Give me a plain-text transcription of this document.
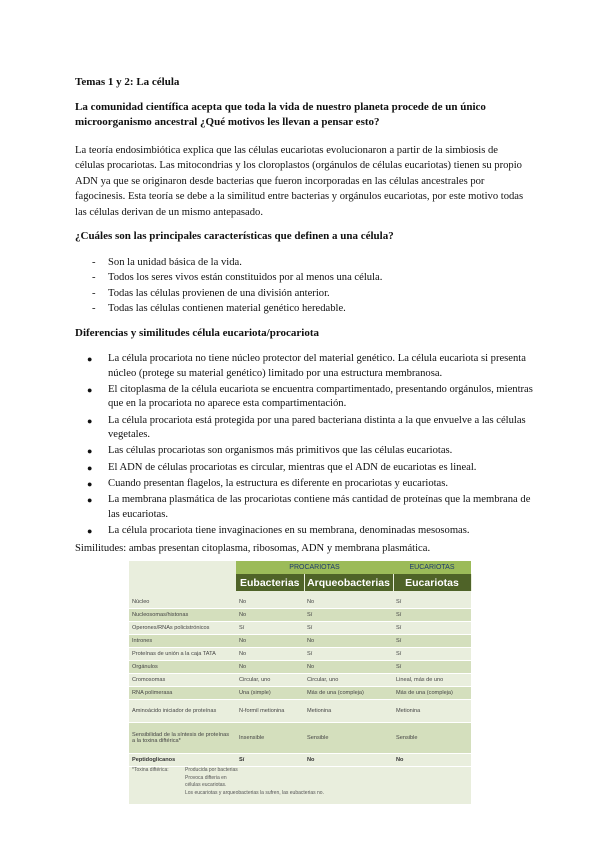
Temas 1 y 2: La célula
La comunidad científica acepta que toda la vida de nuestro planeta procede de un único microorganismo ancestral ¿Qué motivos les llevan a pensar esto?
La teoría endosimbiótica explica que las células eucariotas evolucionaron a partir de la simbiosis de células procariotas. Las mitocondrias y los cloroplastos (orgánulos de células eucariotas) tienen su propio ADN ya que se originaron desde bacterias que fueron incorporadas en las células ancestrales por fagocinesis. Esta teoría se debe a la similitud entre bacterias y orgánulos eucariotas, por este motivo todas las células derivan de un mismo antepasado.
¿Cuáles son las principales características que definen a una célula?
- Son la unidad básica de la vida.
- Todos los seres vivos están constituidos por al menos una célula.
- Todas las células provienen de una división anterior.
- Todas las células contienen material genético heredable.
Diferencias y similitudes célula eucariota/procariota
● La célula procariota no tiene núcleo protector del material genético. La célula eucariota si presenta núcleo (protege su material genético) limitado por una estructura membranosa.
● El citoplasma de la célula eucariota se encuentra compartimentado, presentando orgánulos, mientras que en la procariota no aparece esta compartimentación.
● La célula procariota está protegida por una pared bacteriana distinta a la que envuelve a las células vegetales.
● Las células procariotas son organismos más primitivos que las células eucariotas.
● El ADN de células procariotas es circular, mientras que el ADN de eucariotas es lineal.
● Cuando presentan flagelos, la estructura es diferente en procariotas y eucariotas.
● La membrana plasmática de las procariotas contiene más cantidad de proteínas que la membrana de las eucariotas.
● La célula procariota tiene invaginaciones en su membrana, denominadas mesosomas.
Similitudes: ambas presentan citoplasma, ribosomas, ADN y membrana plasmática.
	PROCARIOTAS		EUCARIOTAS
	Eubacterias	Arqueobacterias	Eucariotas

Núcleo	No	No	Sí
Nucleosomas/histonas	No	Sí	Sí
Operones/RNAs policistrónicos	Sí	Sí	Sí
Intrones	No	No	Sí
Proteínas de unión a la caja TATA	No	Sí	Sí
Orgánulos	No	No	Sí
Cromosomas	Circular, uno	Circular, uno	Lineal, más de uno
RNA polimerasa	Una (simple)	Más de una (compleja)	Más de una (compleja)
Aminoácido iniciador de proteínas	N-formil metionina	Metionina	Metionina
Sensibilidad de la síntesis de proteínas a la toxina diftérica*	Insensible	Sensible	Sensible
Peptidoglicanos	Sí	No	No
*Toxina diftérica:	Producida por bacterias
Provoca difteria en
células eucariotas.
Los eucariotas y arqueobacterias la sufren, las eubacterias no.
